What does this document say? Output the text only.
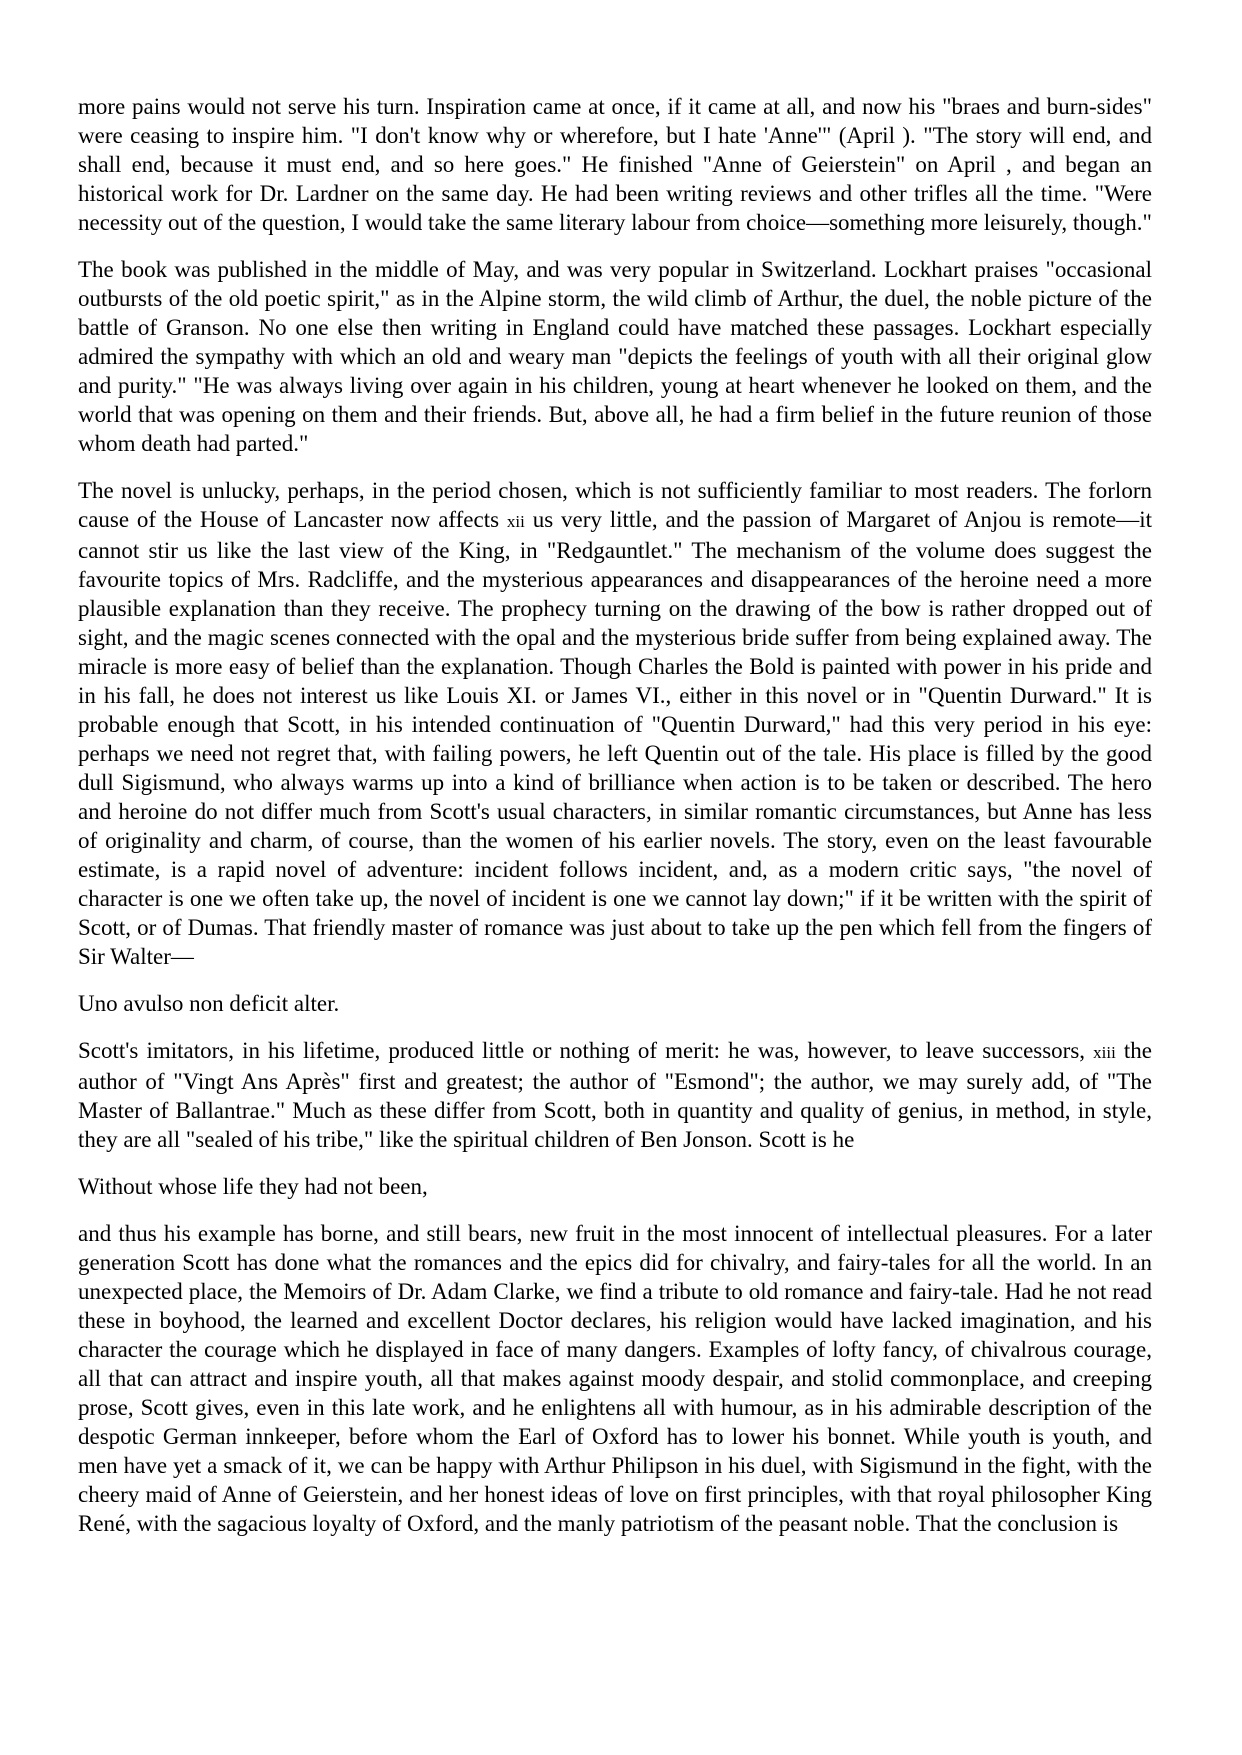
more pains would not serve his turn. Inspiration came at once, if it came at all, and now his "braes and burn-sides" were ceasing to inspire him. "I don't know why or wherefore, but I hate 'Anne'" (April ). "The story will end, and shall end, because it must end, and so here goes." He finished "Anne of Geierstein" on April , and began an historical work for Dr. Lardner on the same day. He had been writing reviews and other trifles all the time. "Were necessity out of the question, I would take the same literary labour from choice—something more leisurely, though."

The book was published in the middle of May, and was very popular in Switzerland. Lockhart praises "occasional outbursts of the old poetic spirit," as in the Alpine storm, the wild climb of Arthur, the duel, the noble picture of the battle of Granson. No one else then writing in England could have matched these passages. Lockhart especially admired the sympathy with which an old and weary man "depicts the feelings of youth with all their original glow and purity." "He was always living over again in his children, young at heart whenever he looked on them, and the world that was opening on them and their friends. But, above all, he had a firm belief in the future reunion of those whom death had parted."

The novel is unlucky, perhaps, in the period chosen, which is not sufficiently familiar to most readers. The forlorn cause of the House of Lancaster now affects xii us very little, and the passion of Margaret of Anjou is remote—it cannot stir us like the last view of the King, in "Redgauntlet." The mechanism of the volume does suggest the favourite topics of Mrs. Radcliffe, and the mysterious appearances and disappearances of the heroine need a more plausible explanation than they receive. The prophecy turning on the drawing of the bow is rather dropped out of sight, and the magic scenes connected with the opal and the mysterious bride suffer from being explained away. The miracle is more easy of belief than the explanation. Though Charles the Bold is painted with power in his pride and in his fall, he does not interest us like Louis XI. or James VI., either in this novel or in "Quentin Durward." It is probable enough that Scott, in his intended continuation of "Quentin Durward," had this very period in his eye: perhaps we need not regret that, with failing powers, he left Quentin out of the tale. His place is filled by the good dull Sigismund, who always warms up into a kind of brilliance when action is to be taken or described. The hero and heroine do not differ much from Scott's usual characters, in similar romantic circumstances, but Anne has less of originality and charm, of course, than the women of his earlier novels. The story, even on the least favourable estimate, is a rapid novel of adventure: incident follows incident, and, as a modern critic says, "the novel of character is one we often take up, the novel of incident is one we cannot lay down;" if it be written with the spirit of Scott, or of Dumas. That friendly master of romance was just about to take up the pen which fell from the fingers of Sir Walter—

Uno avulso non deficit alter.

Scott's imitators, in his lifetime, produced little or nothing of merit: he was, however, to leave successors, xiii the author of "Vingt Ans Après" first and greatest; the author of "Esmond"; the author, we may surely add, of "The Master of Ballantrae." Much as these differ from Scott, both in quantity and quality of genius, in method, in style, they are all "sealed of his tribe," like the spiritual children of Ben Jonson. Scott is he

Without whose life they had not been,

and thus his example has borne, and still bears, new fruit in the most innocent of intellectual pleasures. For a later generation Scott has done what the romances and the epics did for chivalry, and fairy-tales for all the world. In an unexpected place, the Memoirs of Dr. Adam Clarke, we find a tribute to old romance and fairy-tale. Had he not read these in boyhood, the learned and excellent Doctor declares, his religion would have lacked imagination, and his character the courage which he displayed in face of many dangers. Examples of lofty fancy, of chivalrous courage, all that can attract and inspire youth, all that makes against moody despair, and stolid commonplace, and creeping prose, Scott gives, even in this late work, and he enlightens all with humour, as in his admirable description of the despotic German innkeeper, before whom the Earl of Oxford has to lower his bonnet. While youth is youth, and men have yet a smack of it, we can be happy with Arthur Philipson in his duel, with Sigismund in the fight, with the cheery maid of Anne of Geierstein, and her honest ideas of love on first principles, with that royal philosopher King René, with the sagacious loyalty of Oxford, and the manly patriotism of the peasant noble. That the conclusion is
